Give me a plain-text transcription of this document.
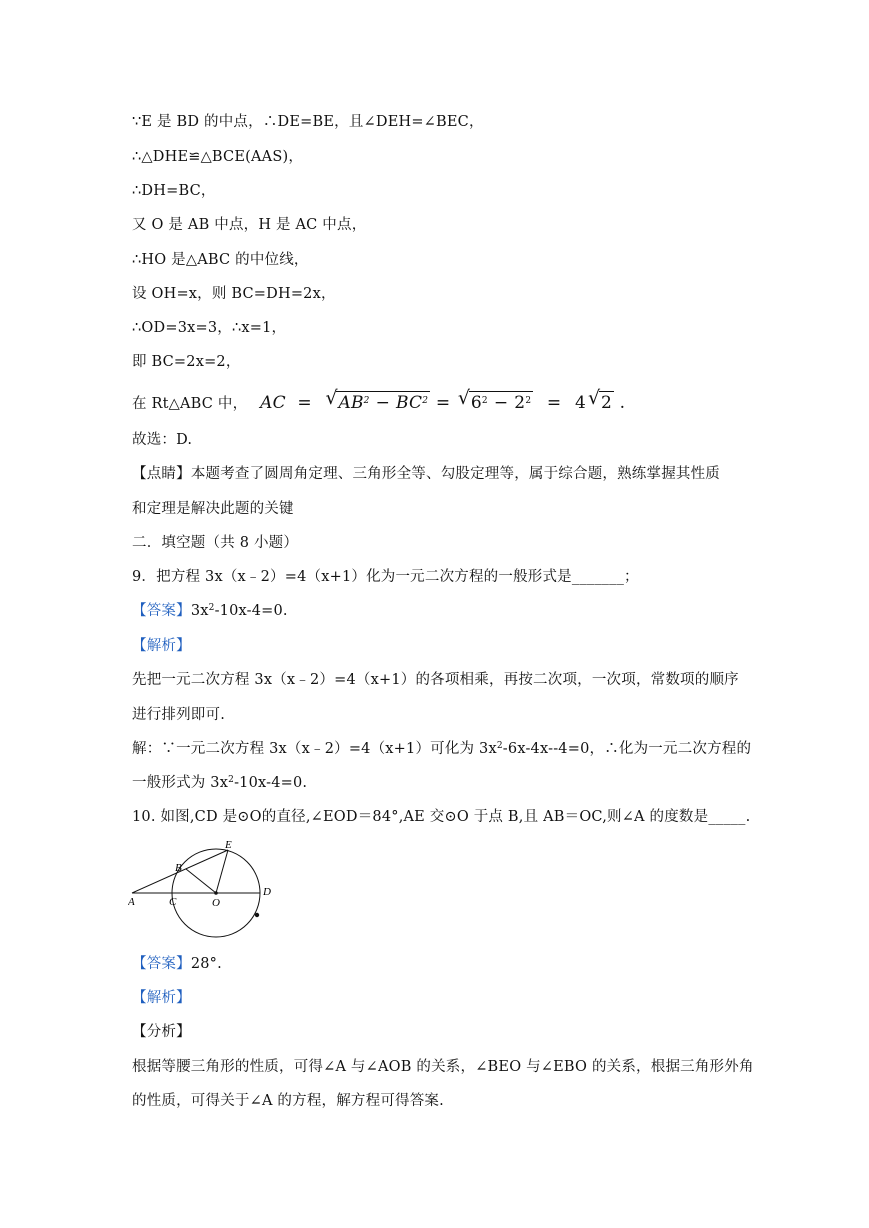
∵E 是 BD 的中点，∴DE=BE，且∠DEH=∠BEC，
∴△DHE≌△BCE(AAS)，
∴DH=BC，
又 O 是 AB 中点，H 是 AC 中点，
∴HO 是△ABC 的中位线，
设 OH=x，则 BC=DH=2x，
∴OD=3x=3，∴x=1，
即 BC=2x=2，
在 Rt△ABC 中， AC = √ $AB^2 - BC^2$ = √ $6^2 - 2^2 = 4$ √ 2 .
故选：D.
【点睛】本题考查了圆周角定理、三角形全等、勾股定理等，属于综合题，熟练掌握其性质
和定理是解决此题的关键
二．填空题（共 8 小题）
9．把方程 3x（x﹣2）=4（x+1）化为一元二次方程的一般形式是_______；
【答案】$3x^2-10x-4=0$.
【解析】
先把一元二次方程 3x（x﹣2）=4（x+1）的各项相乘，再按二次项，一次项，常数项的顺序
进行排列即可.
解：∵一元二次方程 3x（x﹣2）=4（x+1）可化为 $3x^2-6x-4x--4=0$，∴化为一元二次方程的
一般形式为 $3x^2-10x-4=0$.
10. 如图,CD 是⊙O的直径,∠EOD＝84°,AE 交⊙O 于点 B,且 AB＝OC,则∠A 的度数是_____.
A
B
C	O
D
E
【答案】28°.
【解析】
【分析】
根据等腰三角形的性质，可得∠A 与∠AOB 的关系，∠BEO 与∠EBO 的关系，根据三角形外角
的性质，可得关于∠A 的方程，解方程可得答案.
